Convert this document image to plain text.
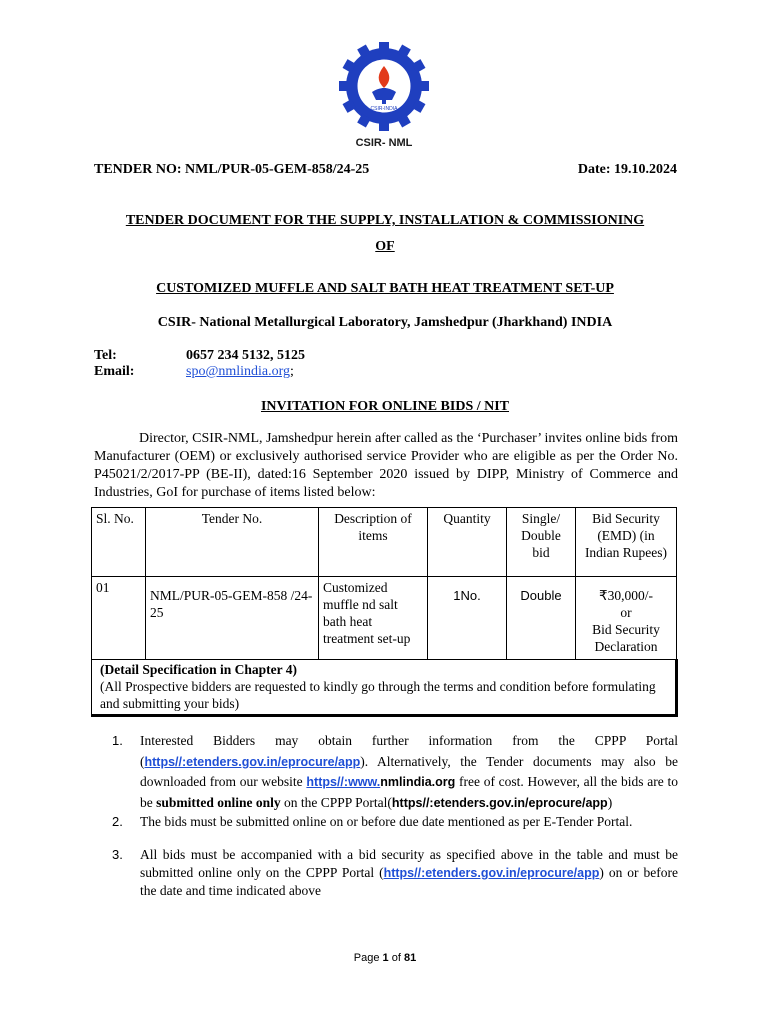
CSIR-INDIA
CSIR- NML
TENDER NO: NML/PUR-05-GEM-858/24-25	Date: 19.10.2024
TENDER DOCUMENT FOR THE SUPPLY, INSTALLATION & COMMISSIONING
OF
CUSTOMIZED MUFFLE AND SALT BATH HEAT TREATMENT SET-UP
CSIR- National Metallurgical Laboratory, Jamshedpur (Jharkhand) INDIA
Tel:	0657 234 5132, 5125
Email:	spo@nmlindia.org;
INVITATION FOR ONLINE BIDS / NIT

Director, CSIR-NML, Jamshedpur herein after called as the ‘Purchaser’ invites online bids from Manufacturer (OEM) or exclusively authorised service Provider who are eligible as per the Order No. P45021/2/2017-PP (BE-II), dated:16 September 2020 issued by DIPP, Ministry of Commerce and Industries, GoI for purchase of items listed below:

Sl. No.	Tender No.	Description of items	Quantity	Single/ Double bid	Bid Security (EMD) (in Indian Rupees)
01	NML/PUR-05-GEM-858 /24-25	Customized muffle nd salt bath heat treatment set-up	1No.	Double	₹30,000/-
or
Bid Security Declaration

(Detail Specification in Chapter 4)
(All Prospective bidders are requested to kindly go through the terms and condition before formulating and submitting your bids)					
1. Interested Bidders may obtain further information from the CPPP Portal (https//:etenders.gov.in/eprocure/app). Alternatively, the Tender documents may also be downloaded from our website https//:www.nmlindia.org free of cost. However, all the bids are to be submitted online only on the CPPP Portal(https//:etenders.gov.in/eprocure/app)
2. The bids must be submitted online on or before due date mentioned as per E-Tender Portal.
3. All bids must be accompanied with a bid security as specified above in the table and must be submitted online only on the CPPP Portal (https//:etenders.gov.in/eprocure/app) on or before the date and time indicated above
Page 1 of 81
